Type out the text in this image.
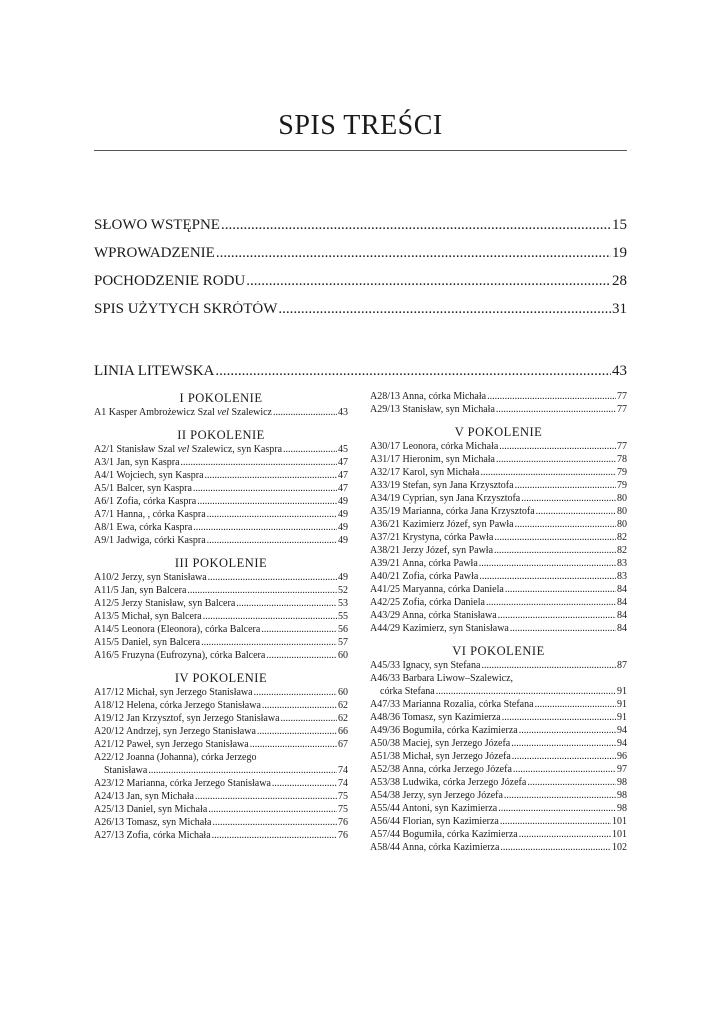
SPIS TREŚCI
SŁOWO WSTĘPNE .....	15
WPROWADZENIE .....	19
POCHODZENIE RODU .....	28
SPIS UŻYTYCH SKRÓTÓW .....	31
LINIA LITEWSKA .....	43
I POKOLENIE
A1 Kasper Ambrożewicz Szal vel Szalewicz .....	43
II POKOLENIE
A2/1 Stanisław Szal vel Szalewicz, syn Kaspra .....	45
A3/1 Jan, syn Kaspra .....	47
A4/1 Wojciech, syn Kaspra .....	47
A5/1 Balcer, syn Kaspra .....	47
A6/1 Zofia, córka Kaspra .....	49
A7/1 Hanna, , córka Kaspra .....	49
A8/1 Ewa, córka Kaspra .....	49
A9/1 Jadwiga, córki Kaspra .....	49
III POKOLENIE
A10/2 Jerzy, syn Stanisława .....	49
A11/5 Jan, syn Balcera .....	52
A12/5 Jerzy Stanisław, syn Balcera .....	53
A13/5 Michał, syn Balcera .....	55
A14/5 Leonora (Eleonora), córka Balcera .....	56
A15/5 Daniel, syn Balcera .....	57
A16/5 Fruzyna (Eufrozyna), córka Balcera .....	60
IV POKOLENIE
A17/12 Michał, syn Jerzego Stanisława .....	60
A18/12 Helena, córka Jerzego Stanisława .....	62
A19/12 Jan Krzysztof, syn Jerzego Stanisława .....	62
A20/12 Andrzej, syn Jerzego Stanisława .....	66
A21/12 Paweł, syn Jerzego Stanisława .....	67
A22/12 Joanna (Johanna), córka Jerzego
Stanisława .....	74
A23/12 Marianna, córka Jerzego Stanisława .....	74
A24/13 Jan, syn Michała .....	75
A25/13 Daniel, syn Michała .....	75
A26/13 Tomasz, syn Michała .....	76
A27/13 Zofia, córka Michała .....	76
A28/13 Anna, córka Michała .....	77
A29/13 Stanisław, syn Michała .....	77
V POKOLENIE
A30/17 Leonora, córka Michała .....	77
A31/17 Hieronim, syn Michała .....	78
A32/17 Karol, syn Michała .....	79
A33/19 Stefan, syn Jana Krzysztofa .....	79
A34/19 Cyprian, syn Jana Krzysztofa .....	80
A35/19 Marianna, córka Jana Krzysztofa .....	80
A36/21 Kazimierz Józef, syn Pawła .....	80
A37/21 Krystyna, córka Pawła .....	82
A38/21 Jerzy Józef, syn Pawła .....	82
A39/21 Anna, córka Pawła .....	83
A40/21 Zofia, córka Pawła .....	83
A41/25 Maryanna, córka Daniela .....	84
A42/25 Zofia, córka Daniela .....	84
A43/29 Anna, córka Stanisława .....	84
A44/29 Kazimierz, syn Stanisława .....	84
VI POKOLENIE
A45/33 Ignacy, syn Stefana .....	87
A46/33 Barbara Liwow–Szalewicz,
córka Stefana .....	91
A47/33 Marianna Rozalia, córka Stefana .....	91
A48/36 Tomasz, syn Kazimierza .....	91
A49/36 Bogumiła, córka Kazimierza .....	94
A50/38 Maciej, syn Jerzego Józefa .....	94
A51/38 Michał, syn Jerzego Józefa .....	96
A52/38 Anna, córka Jerzego Józefa .....	97
A53/38 Ludwika, córka Jerzego Józefa .....	98
A54/38 Jerzy, syn Jerzego Józefa .....	98
A55/44 Antoni, syn Kazimierza .....	98
A56/44 Florian, syn Kazimierza .....	101
A57/44 Bogumiła, córka Kazimierza .....	101
A58/44 Anna, córka Kazimierza .....	102
